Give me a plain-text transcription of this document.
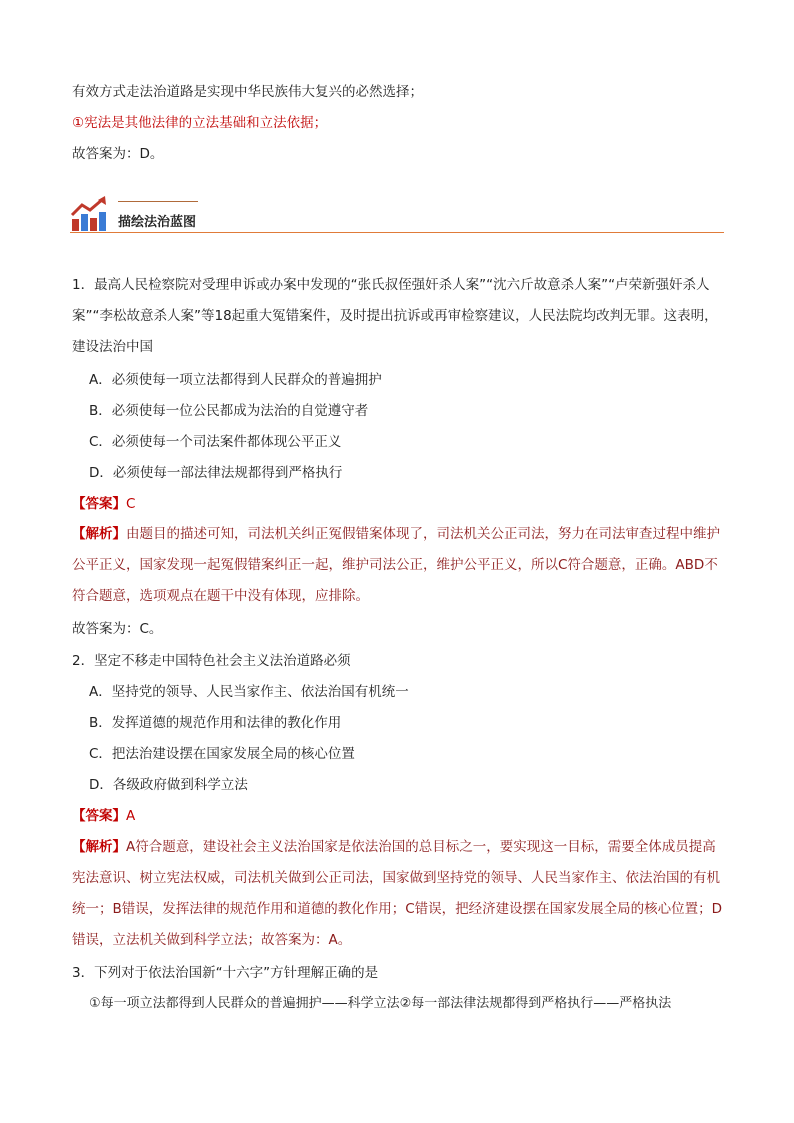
有效方式走法治道路是实现中华民族伟大复兴的必然选择；
①宪法是其他法律的立法基础和立法依据；
故答案为：D。
描绘法治蓝图
1．最高人民检察院对受理申诉或办案中发现的“张氏叔侄强奸杀人案”“沈六斤故意杀人案”“卢荣新强奸杀人案”“李松故意杀人案”等18起重大冤错案件，及时提出抗诉或再审检察建议，人民法院均改判无罪。这表明，建设法治中国
A．必须使每一项立法都得到人民群众的普遍拥护
B．必须使每一位公民都成为法治的自觉遵守者
C．必须使每一个司法案件都体现公平正义
D．必须使每一部法律法规都得到严格执行
【答案】C
【解析】由题目的描述可知，司法机关纠正冤假错案体现了，司法机关公正司法，努力在司法审查过程中维护公平正义，国家发现一起冤假错案纠正一起，维护司法公正，维护公平正义，所以C符合题意，正确。ABD不符合题意，选项观点在题干中没有体现，应排除。
故答案为：C。
2．坚定不移走中国特色社会主义法治道路必须
A．坚持党的领导、人民当家作主、依法治国有机统一
B．发挥道德的规范作用和法律的教化作用
C．把法治建设摆在国家发展全局的核心位置
D．各级政府做到科学立法
【答案】A
【解析】A符合题意，建设社会主义法治国家是依法治国的总目标之一，要实现这一目标，需要全体成员提高宪法意识、树立宪法权威，司法机关做到公正司法，国家做到坚持党的领导、人民当家作主、依法治国的有机统一；B错误，发挥法律的规范作用和道德的教化作用；C错误，把经济建设摆在国家发展全局的核心位置；D错误，立法机关做到科学立法；故答案为：A。
3．下列对于依法治国新“十六字”方针理解正确的是
①每一项立法都得到人民群众的普遍拥护——科学立法②每一部法律法规都得到严格执行——严格执法
